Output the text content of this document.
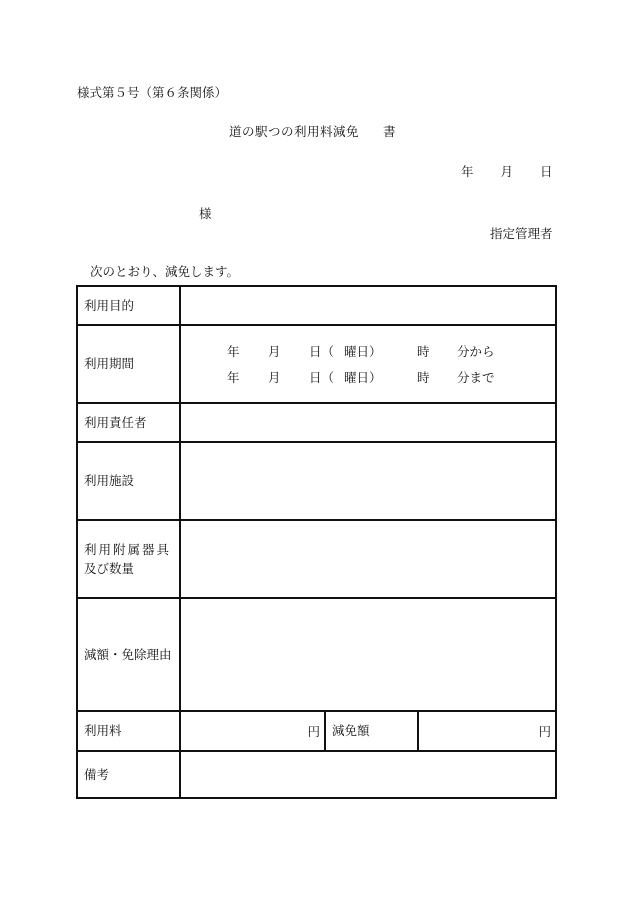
様式第５号（第６条関係）
道の駅つの利用料減免 書
年 月 日
様
指定管理者
次のとおり、減免します。
利用目的			
利用期間	年 月 日（ 曜日） 時 分から
年 月 日（ 曜日） 時 分まで		

利用責任者			
利用施設			

利用附属器具
及び数量			

減額・免除理由			
利用料	円	減免額	円
備考			
